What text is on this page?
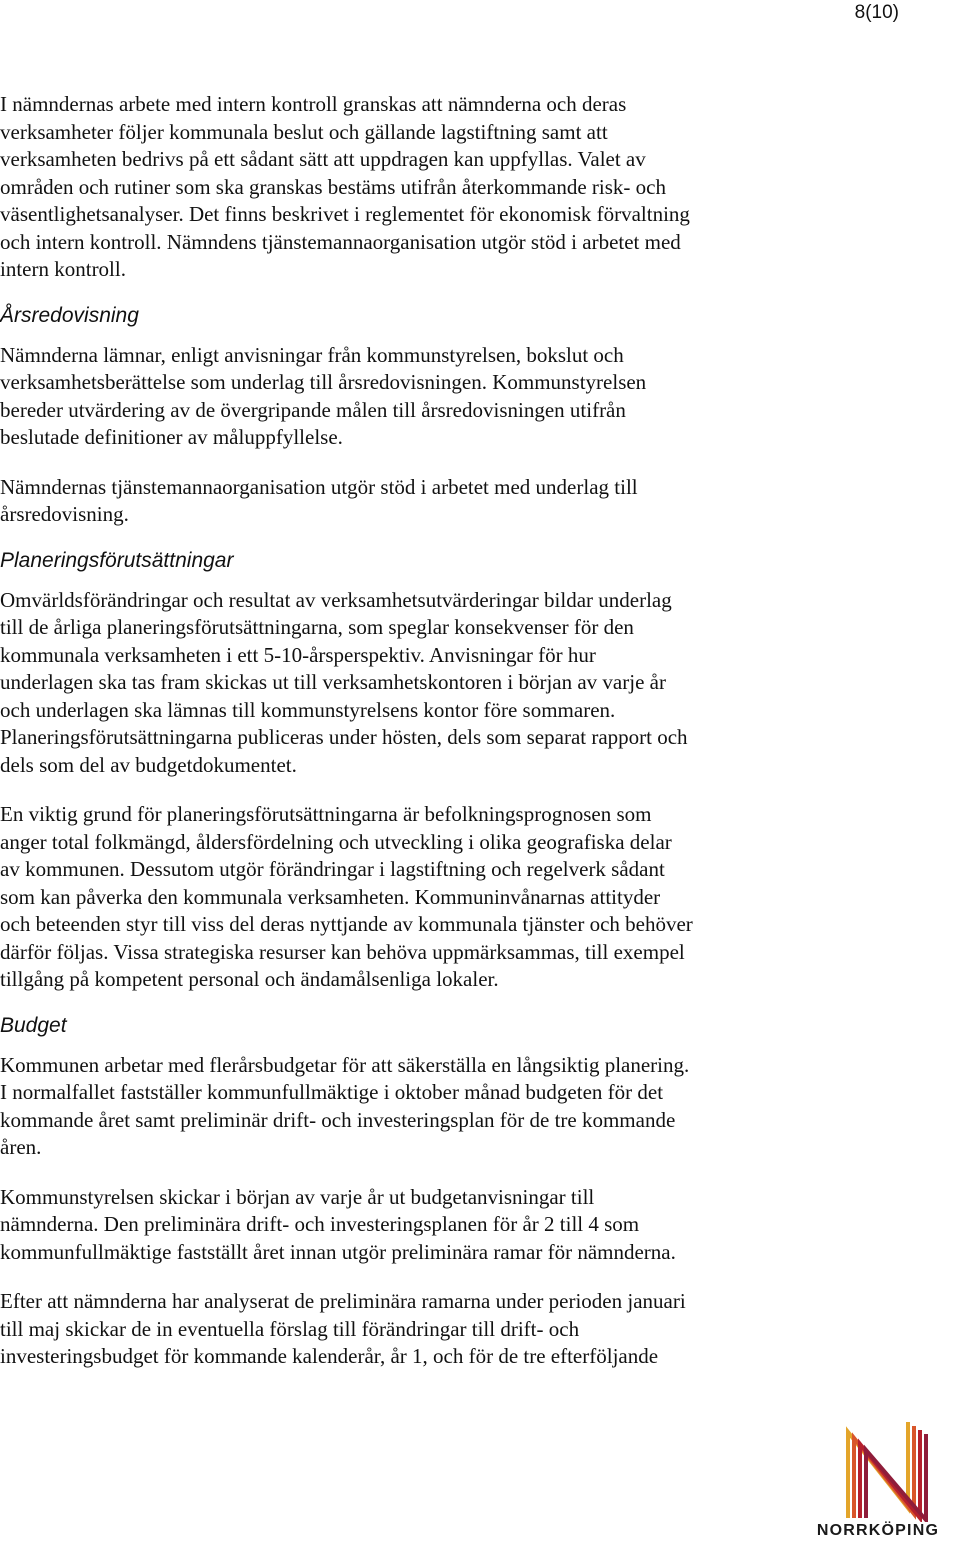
8(10)

I nämndernas arbete med intern kontroll granskas att nämnderna och deras
verksamheter följer kommunala beslut och gällande lagstiftning samt att
verksamheten bedrivs på ett sådant sätt att uppdragen kan uppfyllas. Valet av
områden och rutiner som ska granskas bestäms utifrån återkommande risk- och
väsentlighetsanalyser. Det finns beskrivet i reglementet för ekonomisk förvaltning
och intern kontroll. Nämndens tjänstemannaorganisation utgör stöd i arbetet med
intern kontroll.

Årsredovisning

Nämnderna lämnar, enligt anvisningar från kommunstyrelsen, bokslut och
verksamhetsberättelse som underlag till årsredovisningen. Kommunstyrelsen
bereder utvärdering av de övergripande målen till årsredovisningen utifrån
beslutade definitioner av måluppfyllelse.

Nämndernas tjänstemannaorganisation utgör stöd i arbetet med underlag till
årsredovisning.

Planeringsförutsättningar

Omvärldsförändringar och resultat av verksamhetsutvärderingar bildar underlag
till de årliga planeringsförutsättningarna, som speglar konsekvenser för den
kommunala verksamheten i ett 5-10-årsperspektiv. Anvisningar för hur
underlagen ska tas fram skickas ut till verksamhetskontoren i början av varje år
och underlagen ska lämnas till kommunstyrelsens kontor före sommaren.
Planeringsförutsättningarna publiceras under hösten, dels som separat rapport och
dels som del av budgetdokumentet.

En viktig grund för planeringsförutsättningarna är befolkningsprognosen som
anger total folkmängd, åldersfördelning och utveckling i olika geografiska delar
av kommunen. Dessutom utgör förändringar i lagstiftning och regelverk sådant
som kan påverka den kommunala verksamheten. Kommuninvånarnas attityder
och beteenden styr till viss del deras nyttjande av kommunala tjänster och behöver
därför följas. Vissa strategiska resurser kan behöva uppmärksammas, till exempel
tillgång på kompetent personal och ändamålsenliga lokaler.

Budget

Kommunen arbetar med flerårsbudgetar för att säkerställa en långsiktig planering.
I normalfallet fastställer kommunfullmäktige i oktober månad budgeten för det
kommande året samt preliminär drift- och investeringsplan för de tre kommande
åren.

Kommunstyrelsen skickar i början av varje år ut budgetanvisningar till
nämnderna. Den preliminära drift- och investeringsplanen för år 2 till 4 som
kommunfullmäktige fastställt året innan utgör preliminära ramar för nämnderna.

Efter att nämnderna har analyserat de preliminära ramarna under perioden januari
till maj skickar de in eventuella förslag till förändringar till drift- och
investeringsbudget för kommande kalenderår, år 1, och för de tre efterföljande

NORRKÖPING
